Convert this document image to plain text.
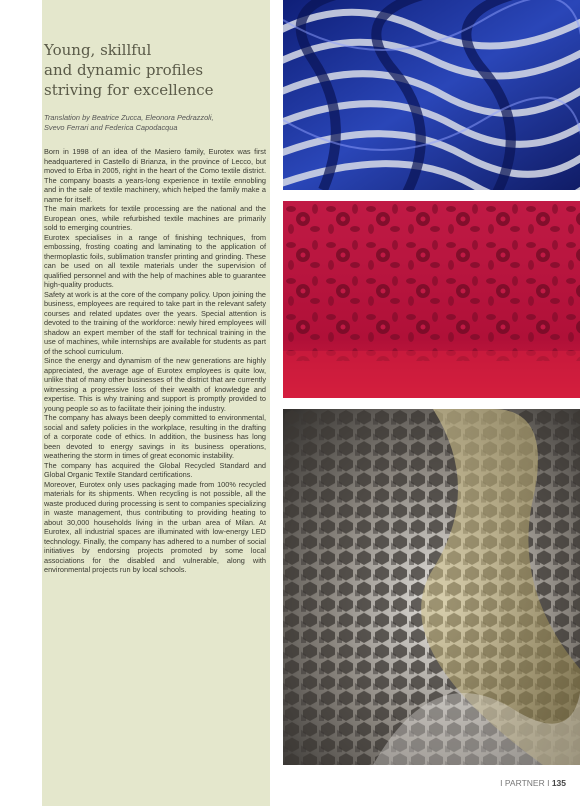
Young, skillful
and dynamic profiles
striving for excellence
Translation by Beatrice Zucca, Eleonora Pedrazzoli,
Svevo Ferrari and Federica Capodacqua

Born in 1998 of an idea of the Masiero family, Eurotex was first headquartered in Castello di Brianza, in the province of Lecco, but moved to Erba in 2005, right in the heart of the Como textile district. The company boasts a years-long experience in textile ennobling and in the sale of textile machinery, which helped the family make a name for itself.

The main markets for textile processing are the national and the European ones, while refurbished textile machines are primarily sold to emerging countries.

Eurotex specialises in a range of finishing techniques, from embossing, frosting coating and laminating to the application of thermoplastic foils, sublimation transfer printing and grinding. These can be used on all textile materials under the supervision of qualified personnel and with the help of machines able to guarantee high-quality products.

Safety at work is at the core of the company policy. Upon joining the business, employees are required to take part in the relevant safety courses and related updates over the years. Special attention is devoted to the training of the workforce: newly hired employees will shadow an expert member of the staff for technical training in the use of machines, while internships are available for students as part of the school curriculum.

Since the energy and dynamism of the new generations are highly appreciated, the average age of Eurotex employees is quite low, unlike that of many other businesses of the district that are currently witnessing a progressive loss of their wealth of knowledge and expertise. This is why training and support is promptly provided to young people so as to facilitate their joining the industry.

The company has always been deeply committed to environmental, social and safety policies in the workplace, resulting in the drafting of a corporate code of ethics. In addition, the business has long been devoted to energy savings in its business operations, weathering the storm in times of great economic instability.

The company has acquired the Global Recycled Standard and Global Organic Textile Standard certifications.

Moreover, Eurotex only uses packaging made from 100% recycled materials for its shipments. When recycling is not possible, all the waste produced during processing is sent to companies specializing in waste management, thus contributing to providing heating to about 30,000 households living in the urban area of Milan. At Eurotex, all industrial spaces are illuminated with low-energy LED technology. Finally, the company has adhered to a number of social initiatives by endorsing projects promoted by some local associations for the disabled and vulnerable, along with environmental projects run by local schools.

I PARTNER I 135
